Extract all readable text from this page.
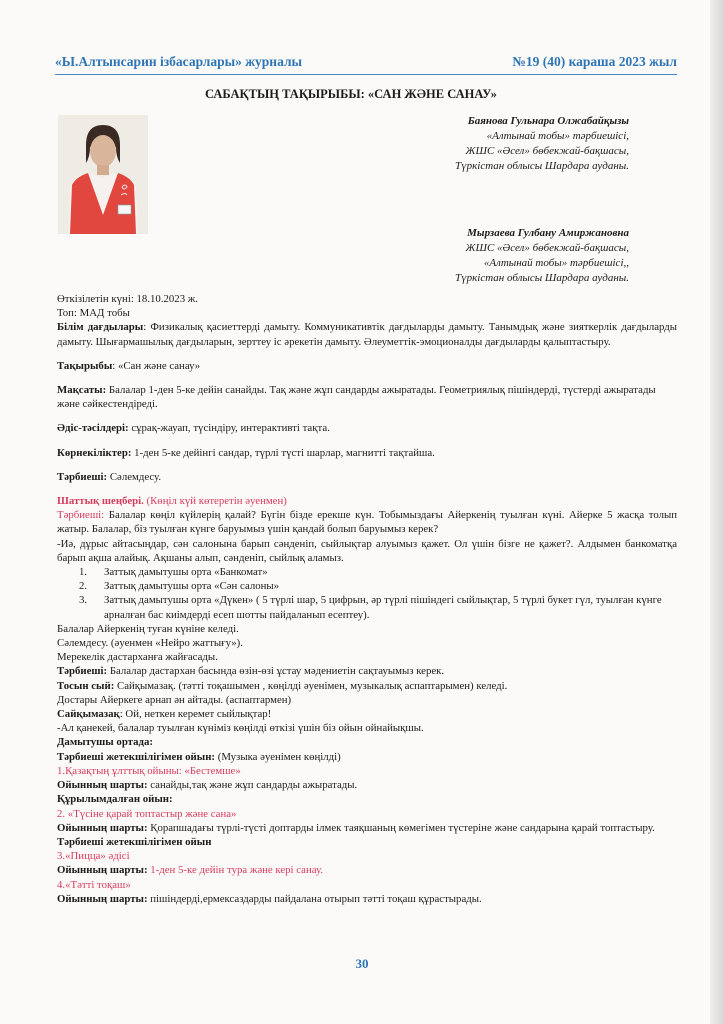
«Ы.Алтынсарин ізбасарлары» журналы	№19 (40) караша 2023 жыл
САБАҚТЫҢ ТАҚЫРЫБЫ: «САН ЖӘНЕ САНАУ»
Баянова Гульнара Олжабайқызы
«Алтынай тобы» тәрбиешісі,
ЖШС «Әсел» бөбекжай-бақшасы,
Түркістан облысы Шардара ауданы.
Мырзаева Гулбану Амиржановна
ЖШС «Әсел» бөбекжай-бақшасы,
«Алтынай тобы» тәрбиешісі,,
Түркістан облысы Шардара ауданы.

Өткізілетін күні: 18.10.2023 ж.

Топ: МАД тобы

Білім дағдылары: Физикалық қасиеттерді дамыту. Коммуникативтік дағдыларды дамыту. Танымдық және зияткерлік дағдыларды дамыту. Шығармашылық дағдыларын, зерттеу іс әрекетін дамыту. Әлеуметтік-эмоционалды дағдыларды қалыптастыру.

Тақырыбы: «Сан және санау»

Мақсаты: Балалар 1-ден 5-ке дейін санайды. Тақ және жұп сандарды ажыратады. Геометриялық пішіндерді, түстерді ажыратады және сәйкестендіреді.

Әдіс-тәсілдері: сұрақ-жауап, түсіндіру, интерактивті тақта.

Көрнекіліктер: 1-ден 5-ке дейінгі сандар, түрлі түсті шарлар, магнитті тақтайша.

Тәрбиеші: Сәлемдесу.

Шаттық шеңбері. (Көңіл күй көтеретін әуенмен)

Тәрбиеші: Балалар көңіл күйлерің қалай? Бүгін бізде ерекше күн. Тобымыздағы Айеркенің туылған күні. Айерке 5 жасқа толып жатыр. Балалар, біз туылған күнге баруымыз үшін қандай болып баруымыз керек?

-Иә, дұрыс айтасыңдар, сән салонына барып сәнденіп, сыйлықтар алуымыз қажет. Ол үшін бізге не қажет?. Алдымен банкоматқа барып ақша алайық. Ақшаны алып, сәнденіп, сыйлық аламыз.

1. Заттық дамытушы орта «Банкомат»
2. Заттық дамытушы орта «Сән салоны»
3. Заттық дамытушы орта «Дүкен» ( 5 түрлі шар, 5 цифрын, әр түрлі пішіндегі сыйлықтар, 5 түрлі букет гүл, туылған күнге арналған бас киімдерді есеп шотты пайдаланып есептеу).

Балалар Айеркенің туған күніне келеді.

Сәлемдесу. (әуенмен «Нейро жаттығу»).

Мерекелік дастарханға жайғасады.

Тәрбиеші: Балалар дастархан басында өзін-өзі ұстау мәдениетін сақтауымыз керек.

Тосын сый: Сайқымазақ. (тәтті тоқашымен , көңілді әуенімен, музыкалық аспаптарымен) келеді.

Достары Айеркеге арнап ән айтады. (аспаптармен)

Сайқымазақ: Ой, неткен керемет сыйлықтар!

-Ал қанекей, балалар туылған күніміз көңілді өткізі үшін біз ойын ойнайықшы.

Дамытушы ортада:

Тәрбиеші жетекшілігімен ойын: (Музыка әуенімен көңілді)

1.Қазақтың ұлттық ойыны: «Бестемше»

Ойынның шарты: санайды,тақ және жұп сандарды ажыратады.

Құрылымдалған ойын:

2. «Түсіне қарай топтастыр және сана»

Ойынның шарты: Қорапшадағы түрлі-түсті доптарды ілмек таяқшаның көмегімен түстеріне және сандарына қарай топтастыру.

Тәрбиеші жетекшілігімен ойын

3.«Пицца» әдісі

Ойынның шарты: 1-ден 5-ке дейін тура және кері санау.

4.«Тәтті тоқаш»

Ойынның шарты: пішіндерді,ермексаздарды пайдалана отырып тәтті тоқаш құрастырады.

30
